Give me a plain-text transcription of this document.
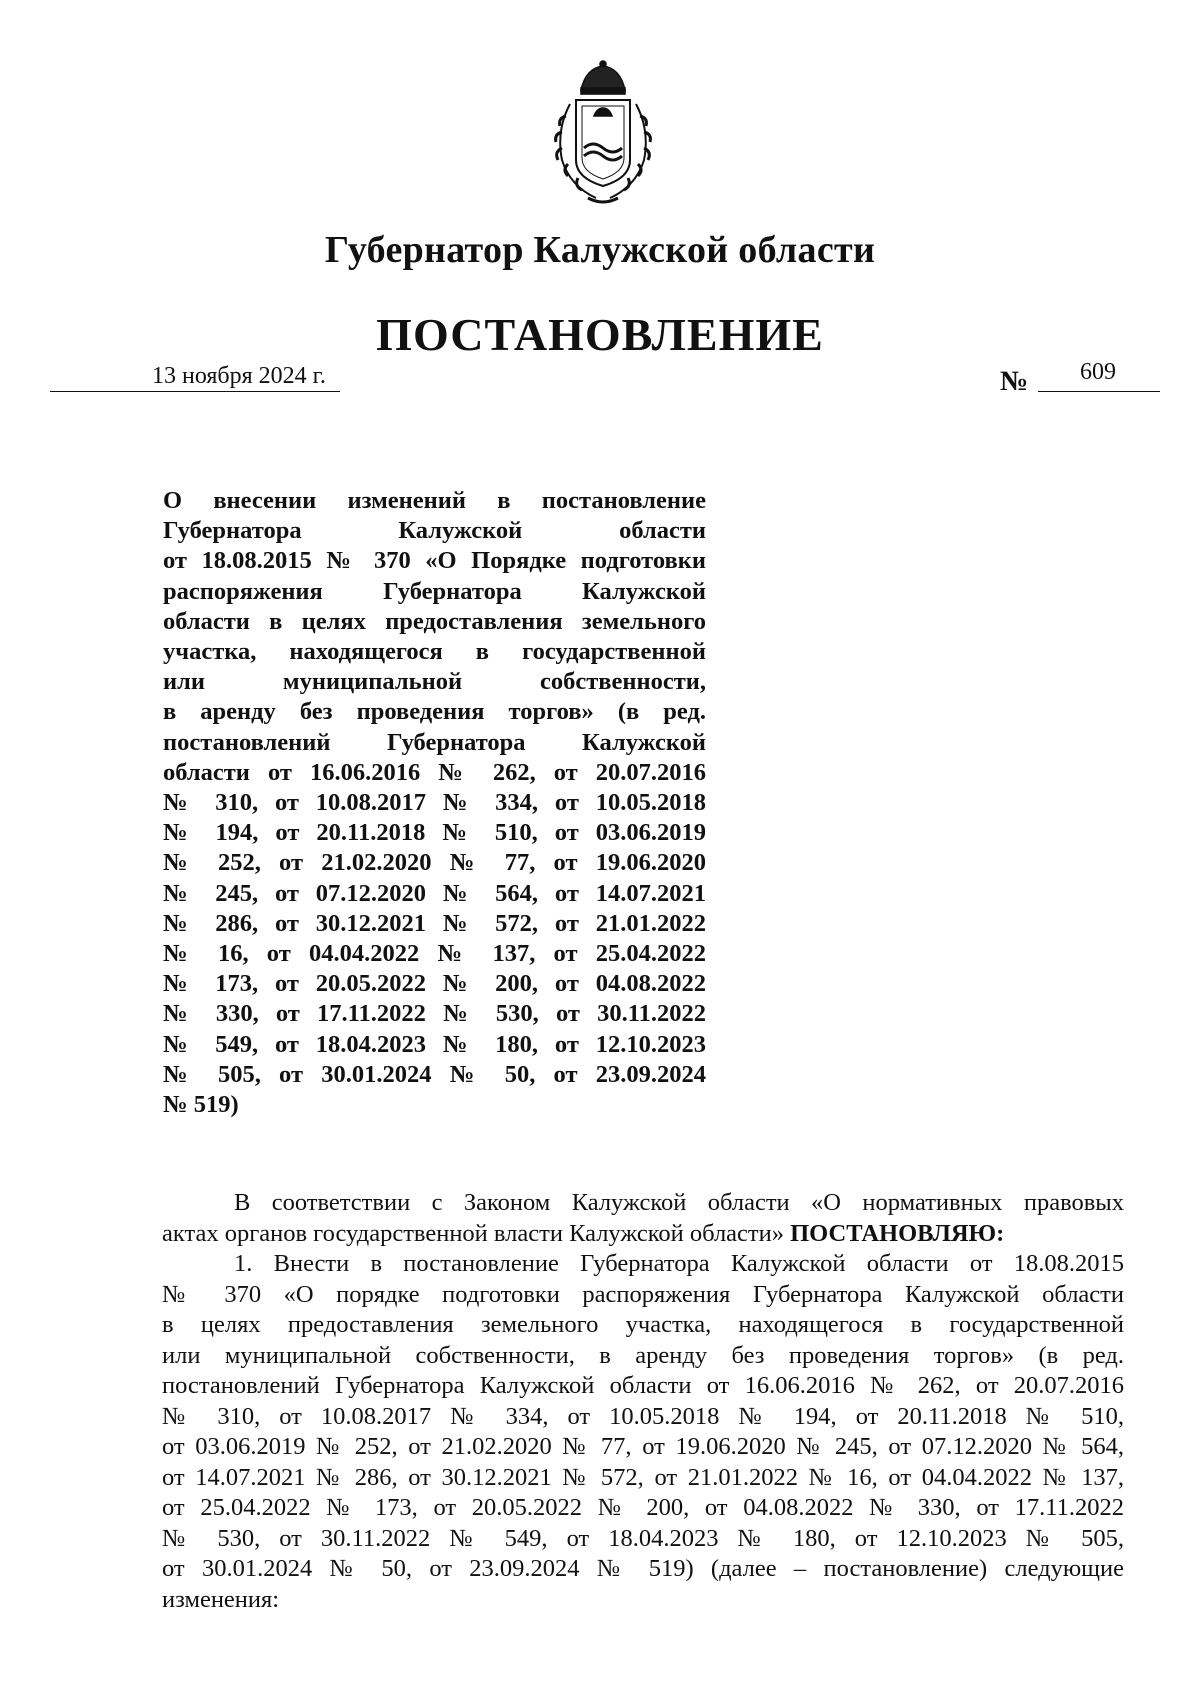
Губернатор Калужской области
ПОСТАНОВЛЕНИЕ
13 ноября 2024 г.	№ 609
О внесении изменений в постановление
Губернатора Калужской области
от 18.08.2015 № 370 «О Порядке подготовки
распоряжения Губернатора Калужской
области в целях предоставления земельного
участка, находящегося в государственной
или муниципальной собственности,
в аренду без проведения торгов» (в ред.
постановлений Губернатора Калужской
области от 16.06.2016 № 262, от 20.07.2016
№ 310, от 10.08.2017 № 334, от 10.05.2018
№ 194, от 20.11.2018 № 510, от 03.06.2019
№ 252, от 21.02.2020 № 77, от 19.06.2020
№ 245, от 07.12.2020 № 564, от 14.07.2021
№ 286, от 30.12.2021 № 572, от 21.01.2022
№ 16, от 04.04.2022 № 137, от 25.04.2022
№ 173, от 20.05.2022 № 200, от 04.08.2022
№ 330, от 17.11.2022 № 530, от 30.11.2022
№ 549, от 18.04.2023 № 180, от 12.10.2023
№ 505, от 30.01.2024 № 50, от 23.09.2024
№ 519)
В соответствии с Законом Калужской области «О нормативных правовых
актах органов государственной власти Калужской области» ПОСТАНОВЛЯЮ:
1. Внести в постановление Губернатора Калужской области от 18.08.2015
№ 370 «О порядке подготовки распоряжения Губернатора Калужской области
в целях предоставления земельного участка, находящегося в государственной
или муниципальной собственности, в аренду без проведения торгов» (в ред.
постановлений Губернатора Калужской области от 16.06.2016 № 262, от 20.07.2016
№ 310, от 10.08.2017 № 334, от 10.05.2018 № 194, от 20.11.2018 № 510,
от 03.06.2019 № 252, от 21.02.2020 № 77, от 19.06.2020 № 245, от 07.12.2020 № 564,
от 14.07.2021 № 286, от 30.12.2021 № 572, от 21.01.2022 № 16, от 04.04.2022 № 137,
от 25.04.2022 № 173, от 20.05.2022 № 200, от 04.08.2022 № 330, от 17.11.2022
№ 530, от 30.11.2022 № 549, от 18.04.2023 № 180, от 12.10.2023 № 505,
от 30.01.2024 № 50, от 23.09.2024 № 519) (далее – постановление) следующие
изменения:
